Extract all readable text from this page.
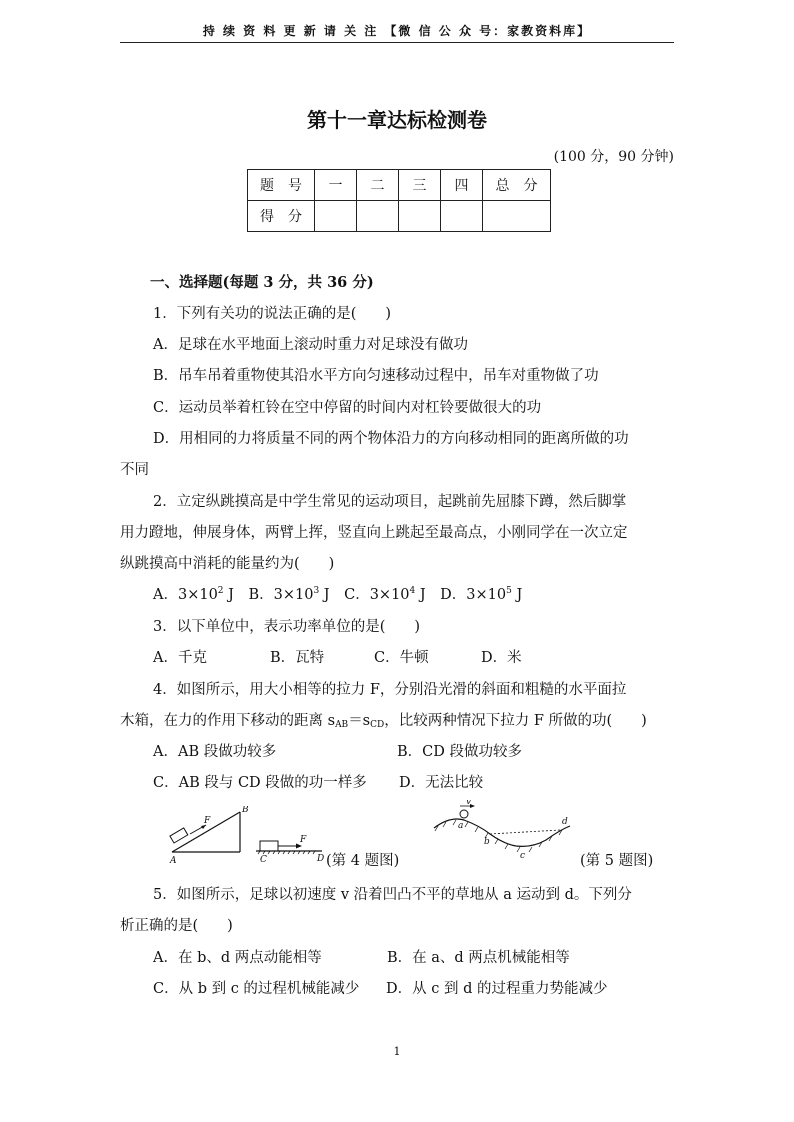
持 续 资 料 更 新 请 关 注 【微 信 公 众 号：家教资料库】
第十一章达标检测卷
(100 分，90 分钟)
题　号	一	二	三	四	总　分
得　分					
一、选择题(每题 3 分，共 36 分)
1．下列有关功的说法正确的是(　　)
A．足球在水平地面上滚动时重力对足球没有做功
B．吊车吊着重物使其沿水平方向匀速移动过程中，吊车对重物做了功
C．运动员举着杠铃在空中停留的时间内对杠铃要做很大的功
D．用相同的力将质量不同的两个物体沿力的方向移动相同的距离所做的功
不同
2．立定纵跳摸高是中学生常见的运动项目，起跳前先屈膝下蹲，然后脚掌
用力蹬地，伸展身体，两臂上挥，竖直向上跳起至最高点，小刚同学在一次立定
纵跳摸高中消耗的能量约为(　　)
A．$3\times 10^2$ J　B．$3\times 10^3$ J　C．$3\times 10^4$ J　D．$3\times 10^5$ J
3．以下单位中，表示功率单位的是(　　)
A．千克	B．瓦特	C．牛顿	D．米
4．如图所示，用大小相等的拉力 F，分别沿光滑的斜面和粗糙的水平面拉
木箱，在力的作用下移动的距离 $s_{AB}=s_{CD}$，比较两种情况下拉力 F 所做的功(　　)
A．AB 段做功较多	B．CD 段做功较多
C．AB 段与 CD 段做的功一样多 D．无法比较
5．如图所示，足球以初速度 v 沿着凹凸不平的草地从 a 运动到 d。下列分
析正确的是(　　)
A．在 b、d 两点动能相等	B．在 a、d 两点机械能相等
C．从 b 到 c 的过程机械能减少 D．从 c 到 d 的过程重力势能减少
F
A
B
F
C	D (第 4 题图)
v
a
b
c
d
(第 5 题图)
1
